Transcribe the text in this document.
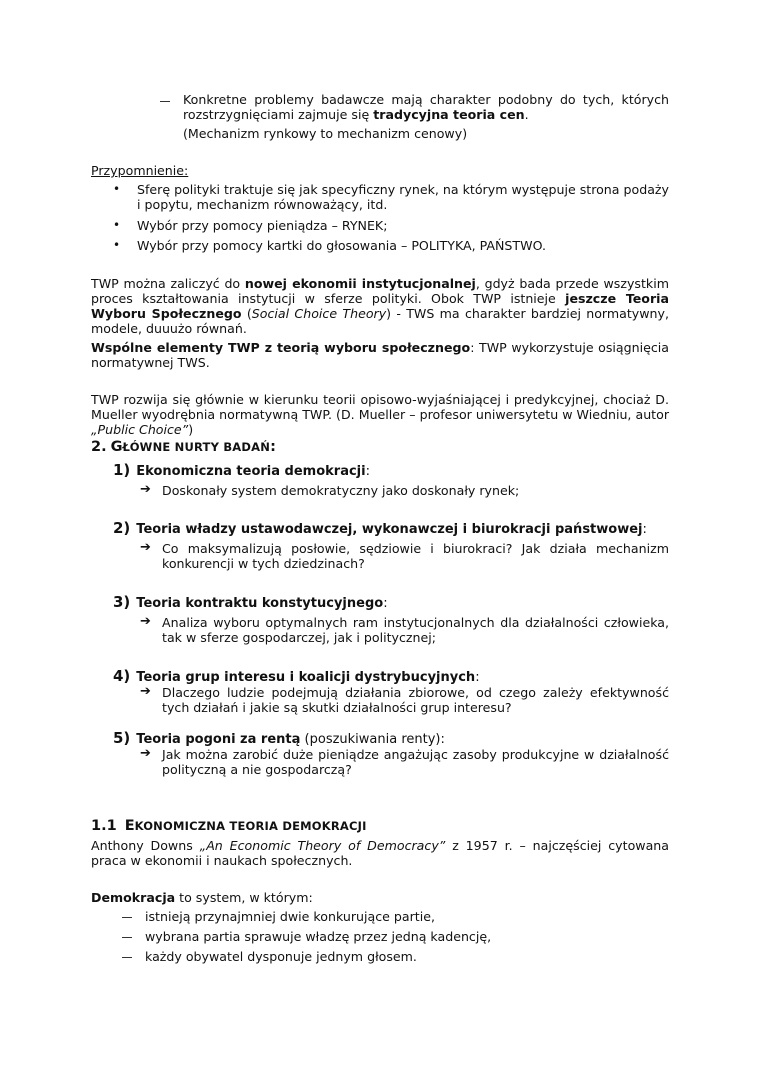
Konkretne problemy badawcze mają charakter podobny do tych, których rozstrzygnięciami zajmuje się tradycyjna teoria cen.
(Mechanizm rynkowy to mechanizm cenowy)
Przypomnienie:
• Sferę polityki traktuje się jak specyficzny rynek, na którym występuje strona podaży i popytu, mechanizm równoważący, itd.
• Wybór przy pomocy pieniądza – RYNEK;
• Wybór przy pomocy kartki do głosowania – POLITYKA, PAŃSTWO.
TWP można zaliczyć do nowej ekonomii instytucjonalnej, gdyż bada przede wszystkim proces kształtowania instytucji w sferze polityki. Obok TWP istnieje jeszcze Teoria Wyboru Społecznego (Social Choice Theory) - TWS ma charakter bardziej normatywny, modele, duuużo równań.
Wspólne elementy TWP z teorią wyboru społecznego: TWP wykorzystuje osiągnięcia normatywnej TWS.
TWP rozwija się głównie w kierunku teorii opisowo-wyjaśniającej i predykcyjnej, chociaż D. Mueller wyodrębnia normatywną TWP. (D. Mueller – profesor uniwersytetu w Wiedniu, autor „Public Choice”)
2. GŁÓWNE NURTY BADAŃ:
1) Ekonomiczna teoria demokracji:
➔ Doskonały system demokratyczny jako doskonały rynek;
2) Teoria władzy ustawodawczej, wykonawczej i biurokracji państwowej:
➔ Co maksymalizują posłowie, sędziowie i biurokraci? Jak działa mechanizm konkurencji w tych dziedzinach?
3) Teoria kontraktu konstytucyjnego:
➔ Analiza wyboru optymalnych ram instytucjonalnych dla działalności człowieka, tak w sferze gospodarczej, jak i politycznej;
4) Teoria grup interesu i koalicji dystrybucyjnych:
➔ Dlaczego ludzie podejmują działania zbiorowe, od czego zależy efektywność tych działań i jakie są skutki działalności grup interesu?
5) Teoria pogoni za rentą (poszukiwania renty):
➔ Jak można zarobić duże pieniądze angażując zasoby produkcyjne w działalność polityczną a nie gospodarczą?
1.1 EKONOMICZNA TEORIA DEMOKRACJI
Anthony Downs „An Economic Theory of Democracy” z 1957 r. – najczęściej cytowana praca w ekonomii i naukach społecznych.
Demokracja to system, w którym:
istnieją przynajmniej dwie konkurujące partie,
wybrana partia sprawuje władzę przez jedną kadencję,
każdy obywatel dysponuje jednym głosem.
